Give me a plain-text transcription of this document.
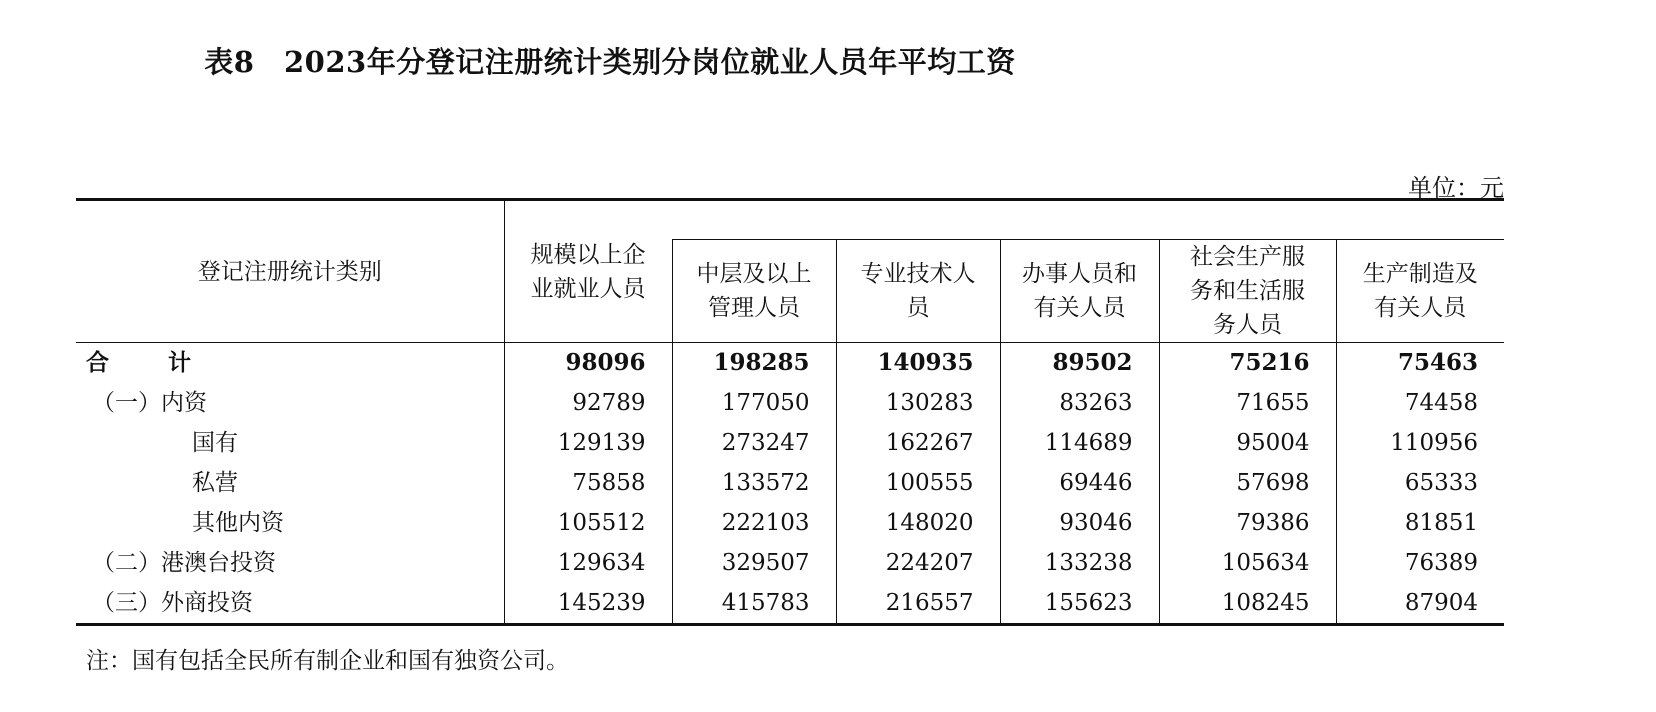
表8　2023年分登记注册统计类别分岗位就业人员年平均工资
单位：元
登记注册统计类别	规模以上企业就业人员					

		中层及以上管理人员	专业技术人员	办事人员和有关人员	社会生产服务和生活服务人员	生产制造及有关人员

合　计	98096	198285	140935	89502	75216	75463
（一）内资	92789	177050	130283	83263	71655	74458
国有	129139	273247	162267	114689	95004	110956
私营	75858	133572	100555	69446	57698	65333
其他内资	105512	222103	148020	93046	79386	81851
（二）港澳台投资	129634	329507	224207	133238	105634	76389
（三）外商投资	145239	415783	216557	155623	108245	87904
注：国有包括全民所有制企业和国有独资公司。
